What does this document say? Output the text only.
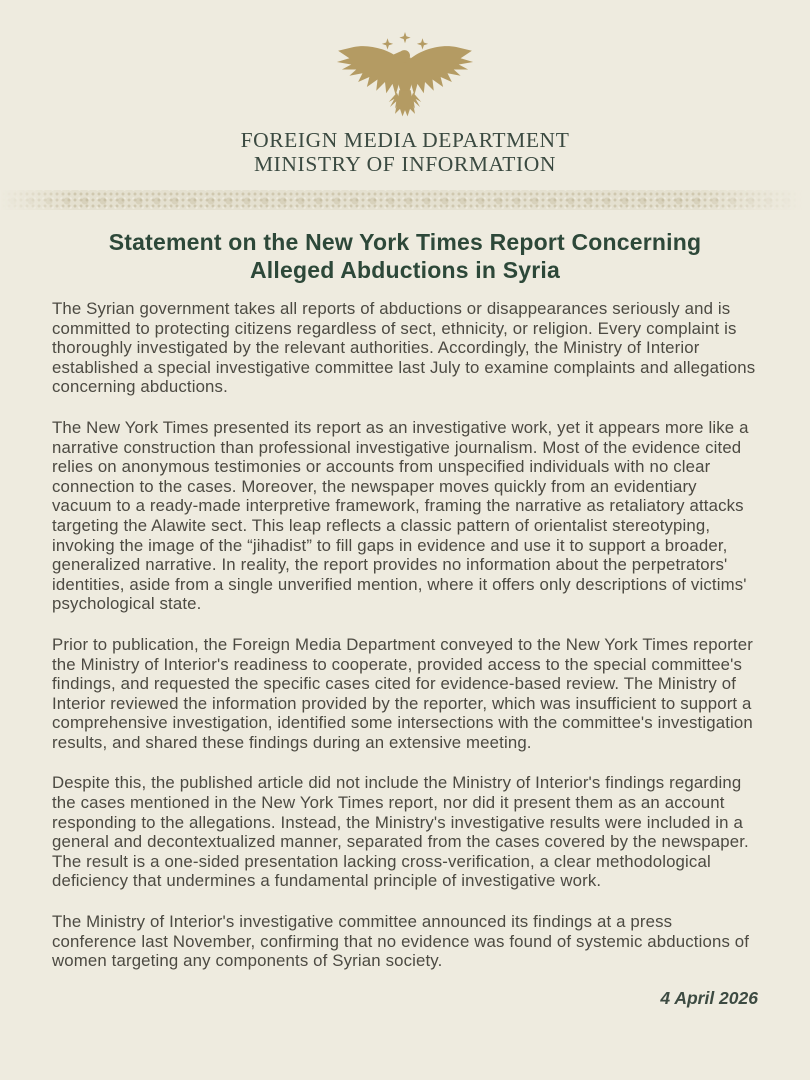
FOREIGN MEDIA DEPARTMENT
MINISTRY OF INFORMATION
Statement on the New York Times Report Concerning
Alleged Abductions in Syria

The Syrian government takes all reports of abductions or disappearances seriously and is committed to protecting citizens regardless of sect, ethnicity, or religion. Every complaint is thoroughly investigated by the relevant authorities. Accordingly, the Ministry of Interior established a special investigative committee last July to examine complaints and allegations concerning abductions.

The New York Times presented its report as an investigative work, yet it appears more like a narrative construction than professional investigative journalism. Most of the evidence cited relies on anonymous testimonies or accounts from unspecified individuals with no clear connection to the cases. Moreover, the newspaper moves quickly from an evidentiary vacuum to a ready-made interpretive framework, framing the narrative as retaliatory attacks targeting the Alawite sect. This leap reflects a classic pattern of orientalist stereotyping, invoking the image of the “jihadist” to fill gaps in evidence and use it to support a broader, generalized narrative. In reality, the report provides no information about the perpetrators' identities, aside from a single unverified mention, where it offers only descriptions of victims' psychological state.

Prior to publication, the Foreign Media Department conveyed to the New York Times reporter the Ministry of Interior's readiness to cooperate, provided access to the special committee's findings, and requested the specific cases cited for evidence-based review. The Ministry of Interior reviewed the information provided by the reporter, which was insufficient to support a comprehensive investigation, identified some intersections with the committee's investigation results, and shared these findings during an extensive meeting.

Despite this, the published article did not include the Ministry of Interior's findings regarding the cases mentioned in the New York Times report, nor did it present them as an account responding to the allegations. Instead, the Ministry's investigative results were included in a general and decontextualized manner, separated from the cases covered by the newspaper. The result is a one-sided presentation lacking cross-verification, a clear methodological deficiency that undermines a fundamental principle of investigative work.

The Ministry of Interior's investigative committee announced its findings at a press conference last November, confirming that no evidence was found of systemic abductions of women targeting any components of Syrian society.

4 April 2026
